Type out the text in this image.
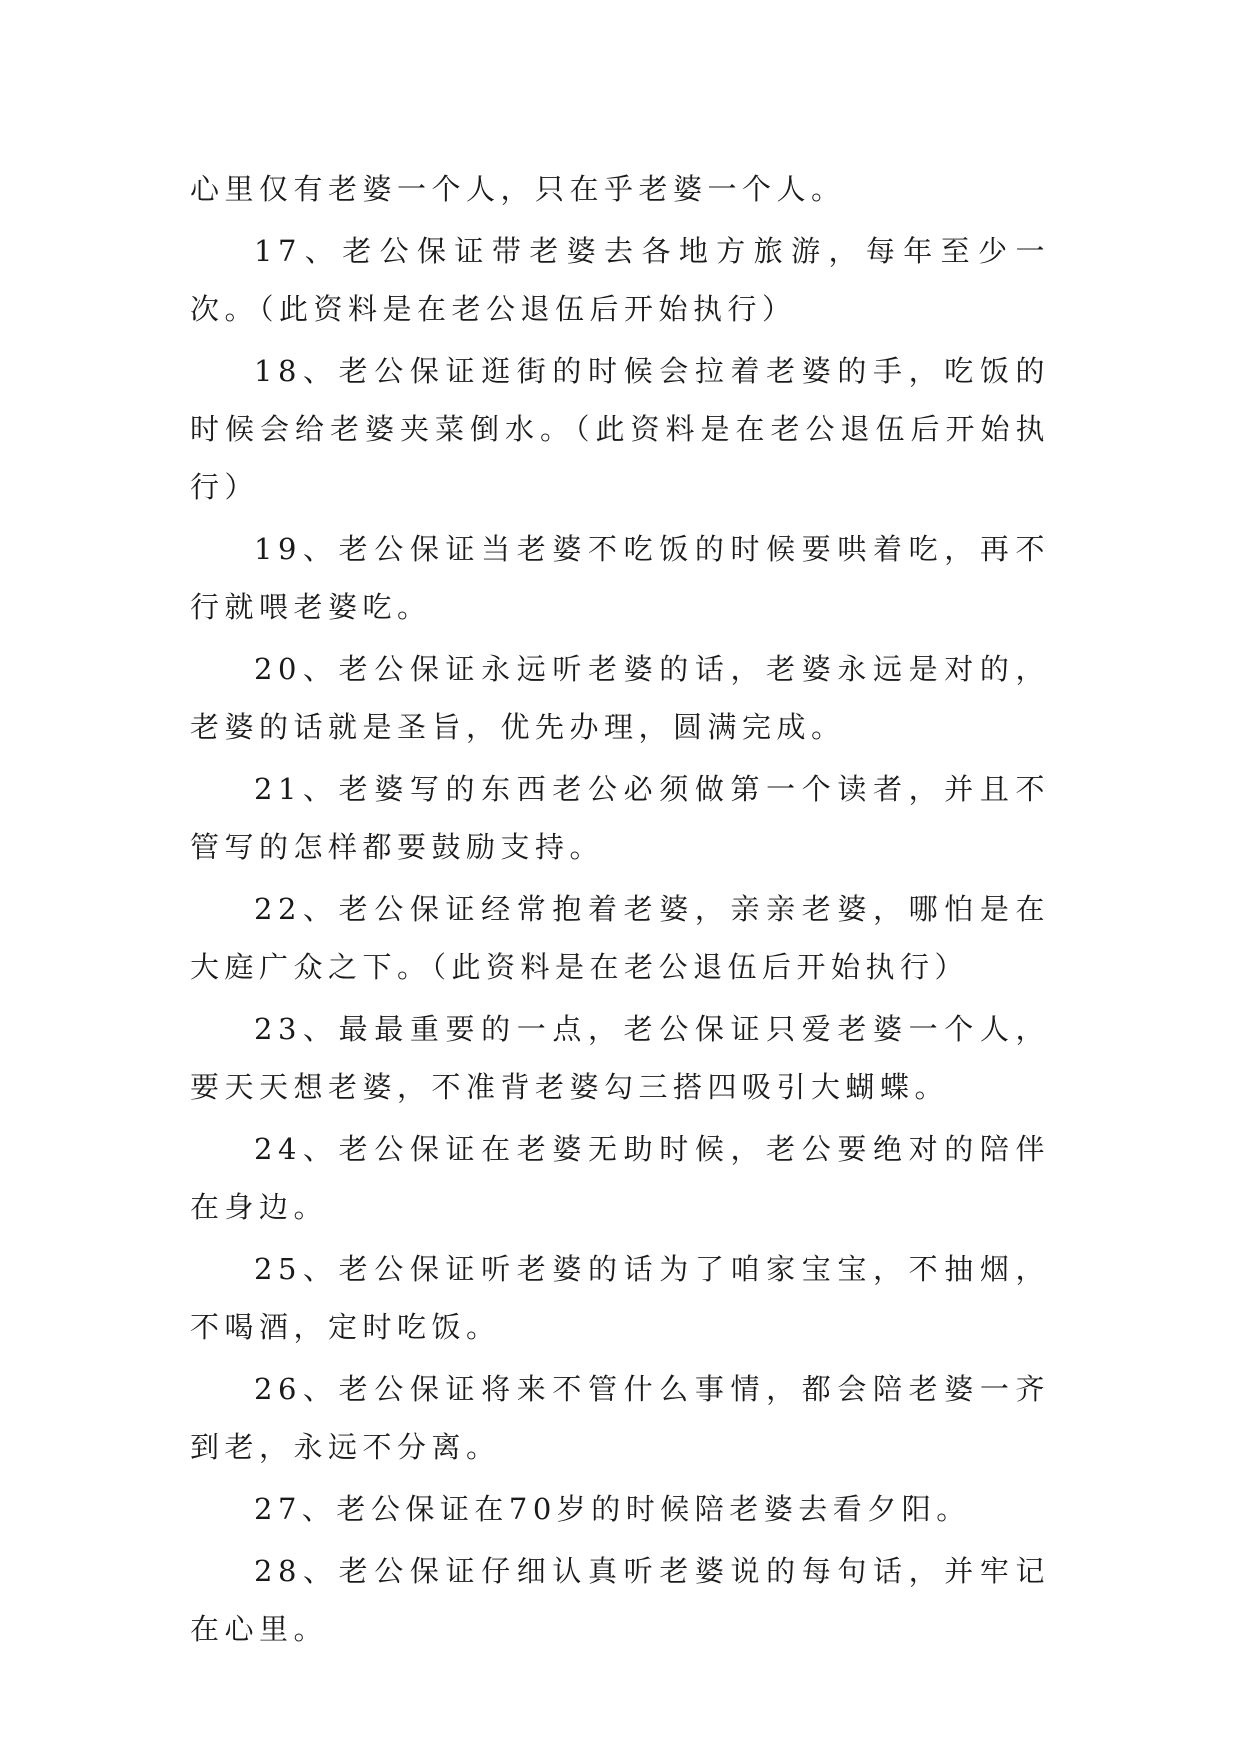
心里仅有老婆一个人，只在乎老婆一个人。

17、老公保证带老婆去各地方旅游，每年至少一次。（此资料是在老公退伍后开始执行）

18、老公保证逛街的时候会拉着老婆的手，吃饭的时候会给老婆夹菜倒水。（此资料是在老公退伍后开始执行）

19、老公保证当老婆不吃饭的时候要哄着吃，再不行就喂老婆吃。

20、老公保证永远听老婆的话，老婆永远是对的，老婆的话就是圣旨，优先办理，圆满完成。

21、老婆写的东西老公必须做第一个读者，并且不管写的怎样都要鼓励支持。

22、老公保证经常抱着老婆，亲亲老婆，哪怕是在大庭广众之下。（此资料是在老公退伍后开始执行）

23、最最重要的一点，老公保证只爱老婆一个人，要天天想老婆，不准背老婆勾三搭四吸引大蝴蝶。

24、老公保证在老婆无助时候，老公要绝对的陪伴在身边。

25、老公保证听老婆的话为了咱家宝宝，不抽烟，不喝酒，定时吃饭。

26、老公保证将来不管什么事情，都会陪老婆一齐到老，永远不分离。

27、老公保证在70岁的时候陪老婆去看夕阳。

28、老公保证仔细认真听老婆说的每句话，并牢记在心里。
